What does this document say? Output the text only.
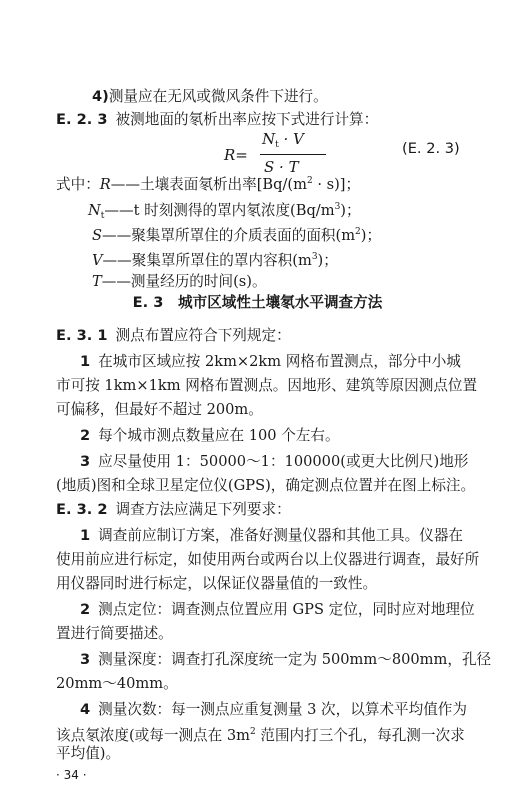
4)测量应在无风或微风条件下进行。
E. 2. 3 被测地面的氡析出率应按下式进行计算：
R=
$N_t \cdot V$
S · T
(E. 2. 3)
式中：R——土壤表面氡析出率$[Bq/(m^2 \cdot s)]$；
$N_t——t$ 时刻测得的罩内氡浓度$(Bq/m^3)$；
S——聚集罩所罩住的介质表面的面积$(m^2)$；
V——聚集罩所罩住的罩内容积$(m^3)$；
T——测量经历的时间(s)。
E. 3　城市区域性土壤氡水平调查方法
E. 3. 1 测点布置应符合下列规定：
1 在城市区域应按 2km×2km 网格布置测点，部分中小城
市可按 1km×1km 网格布置测点。因地形、建筑等原因测点位置
可偏移，但最好不超过 200m。
2 每个城市测点数量应在 100 个左右。
3 应尽量使用 1：50000～1：100000(或更大比例尺)地形
(地质)图和全球卫星定位仪(GPS)，确定测点位置并在图上标注。
E. 3. 2 调查方法应满足下列要求：
1 调查前应制订方案，准备好测量仪器和其他工具。仪器在
使用前应进行标定，如使用两台或两台以上仪器进行调查，最好所
用仪器同时进行标定，以保证仪器量值的一致性。
2 测点定位：调查测点位置应用 GPS 定位，同时应对地理位
置进行简要描述。
3 测量深度：调查打孔深度统一定为 500mm～800mm，孔径
20mm～40mm。
4 测量次数：每一测点应重复测量 3 次，以算术平均值作为
该点氡浓度(或每一测点在 $3m^2$ 范围内打三个孔，每孔测一次求
· 34 ·
平均值)。
